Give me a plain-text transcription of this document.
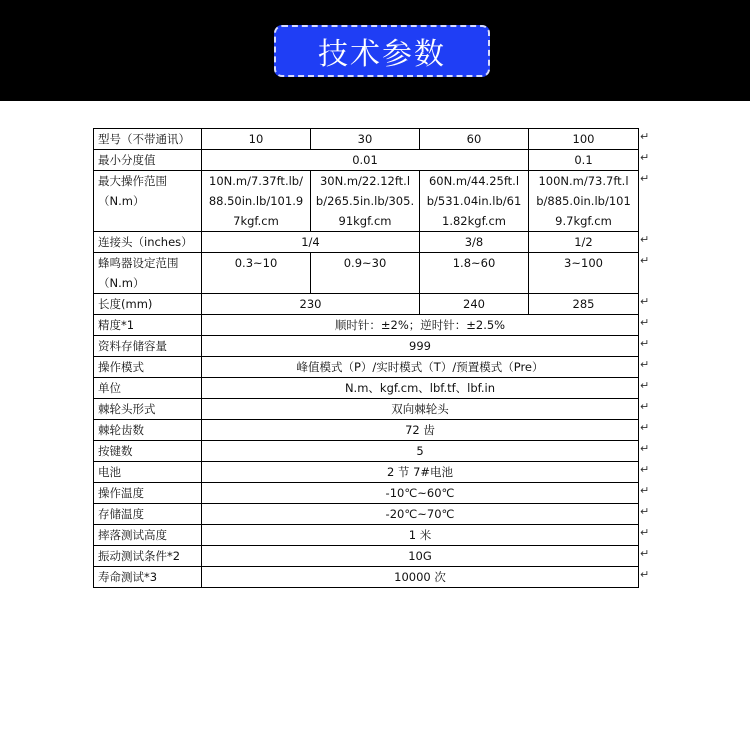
技术参数
型号（不带通讯）	10	30	60	100
最小分度值	0.01			0.1

最大操作范围
（N.m）	10N.m/7.37ft.lb/88.50in.lb/101.97kgf.cm	30N.m/22.12ft.lb/265.5in.lb/305.91kgf.cm	60N.m/44.25ft.lb/531.04in.lb/611.82kgf.cm	100N.m/73.7ft.lb/885.0in.lb/1019.7kgf.cm
连接头（inches）	1/4		3/8	1/2

蜂鸣器设定范围
（N.m）	0.3~10	0.9~30	1.8~60	3~100
长度(mm)	230		240	285
精度*1	顺时针：±2%；逆时针：±2.5%			
资料存储容量	999			
操作模式	峰值模式（P）/实时模式（T）/预置模式（Pre）			
单位	N.m、kgf.cm、lbf.tf、lbf.in			
棘轮头形式	双向棘轮头			
棘轮齿数	72 齿			
按键数	5			
电池	2 节 7#电池			
操作温度	-10℃~60℃			
存储温度	-20℃~70℃			
摔落测试高度	1 米			
振动测试条件*2	10G			
寿命测试*3	10000 次			
↵
↵
↵
↵
↵
↵
↵
↵
↵
↵
↵
↵
↵
↵
↵
↵
↵
↵
↵
